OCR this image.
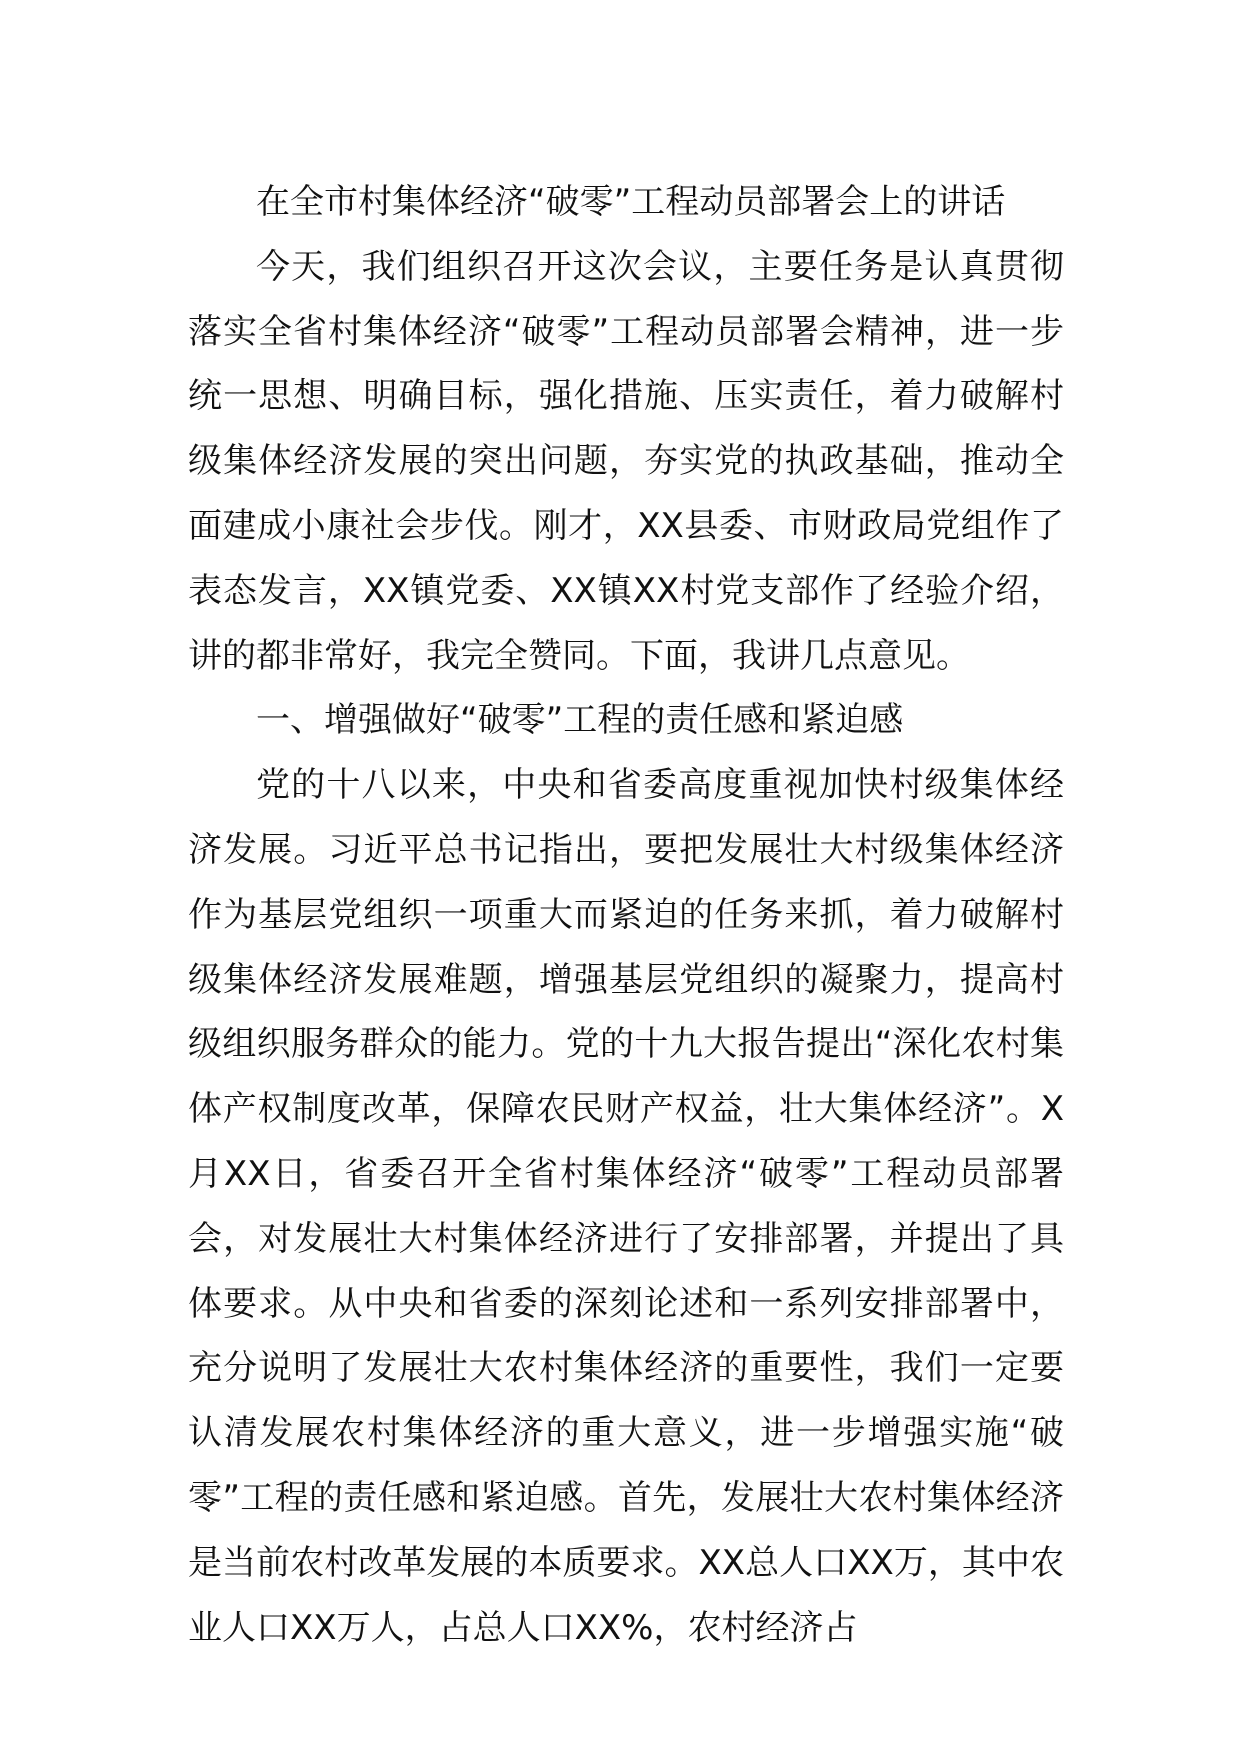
在全市村集体经济“破零”工程动员部署会上的讲话

今天，我们组织召开这次会议，主要任务是认真贯彻落实全省村集体经济“破零”工程动员部署会精神，进一步统一思想、明确目标，强化措施、压实责任，着力破解村级集体经济发展的突出问题，夯实党的执政基础，推动全面建成小康社会步伐。刚才，XX县委、市财政局党组作了表态发言，XX镇党委、XX镇XX村党支部作了经验介绍，讲的都非常好，我完全赞同。下面，我讲几点意见。

一、增强做好“破零”工程的责任感和紧迫感

党的十八以来，中央和省委高度重视加快村级集体经济发展。习近平总书记指出，要把发展壮大村级集体经济作为基层党组织一项重大而紧迫的任务来抓，着力破解村级集体经济发展难题，增强基层党组织的凝聚力，提高村级组织服务群众的能力。党的十九大报告提出“深化农村集体产权制度改革，保障农民财产权益，壮大集体经济”。X月XX日，省委召开全省村集体经济“破零”工程动员部署会，对发展壮大村集体经济进行了安排部署，并提出了具体要求。从中央和省委的深刻论述和一系列安排部署中，充分说明了发展壮大农村集体经济的重要性，我们一定要认清发展农村集体经济的重大意义，进一步增强实施“破零”工程的责任感和紧迫感。首先，发展壮大农村集体经济是当前农村改革发展的本质要求。XX总人口XX万，其中农业人口XX万人，占总人口XX%，农村经济占
